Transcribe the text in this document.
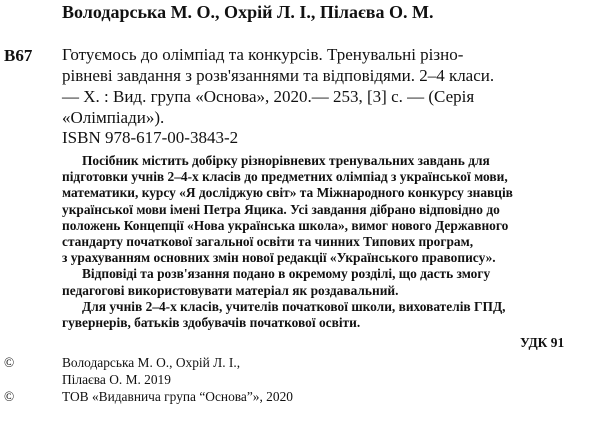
Володарська М. О., Охрій Л. І., Пілаєва О. М.
В67 Готуємось до олімпіад та конкурсів. Тренувальні різно-
рівневі завдання з розв'язаннями та відповідями. 2–4 класи.
— Х. : Вид. група «Основа», 2020.— 253, [3] с. — (Серія
«Олімпіади»).
ISBN 978-617-00-3843-2
Посібник містить добірку різнорівневих тренувальних завдань для
підготовки учнів 2–4-х класів до предметних олімпіад з української мови,
математики, курсу «Я досліджую світ» та Міжнародного конкурсу знавців
української мови імені Петра Яцика. Усі завдання дібрано відповідно до
положень Концепції «Нова українська школа», вимог нового Державного
стандарту початкової загальної освіти та чинних Типових програм,
з урахуванням основних змін нової редакції «Українського правопису».
Відповіді та розв'язання подано в окремому розділі, що дасть змогу
педагогові використовувати матеріал як роздавальний.
Для учнів 2–4-х класів, учителів початкової школи, вихователів ГПД,
гувернерів, батьків здобувачів початкової освіти.
УДК 91
©	Володарська М. О., Охрій Л. І.,
Пілаєва О. М. 2019
©	ТОВ «Видавнича група “Основа”», 2020
